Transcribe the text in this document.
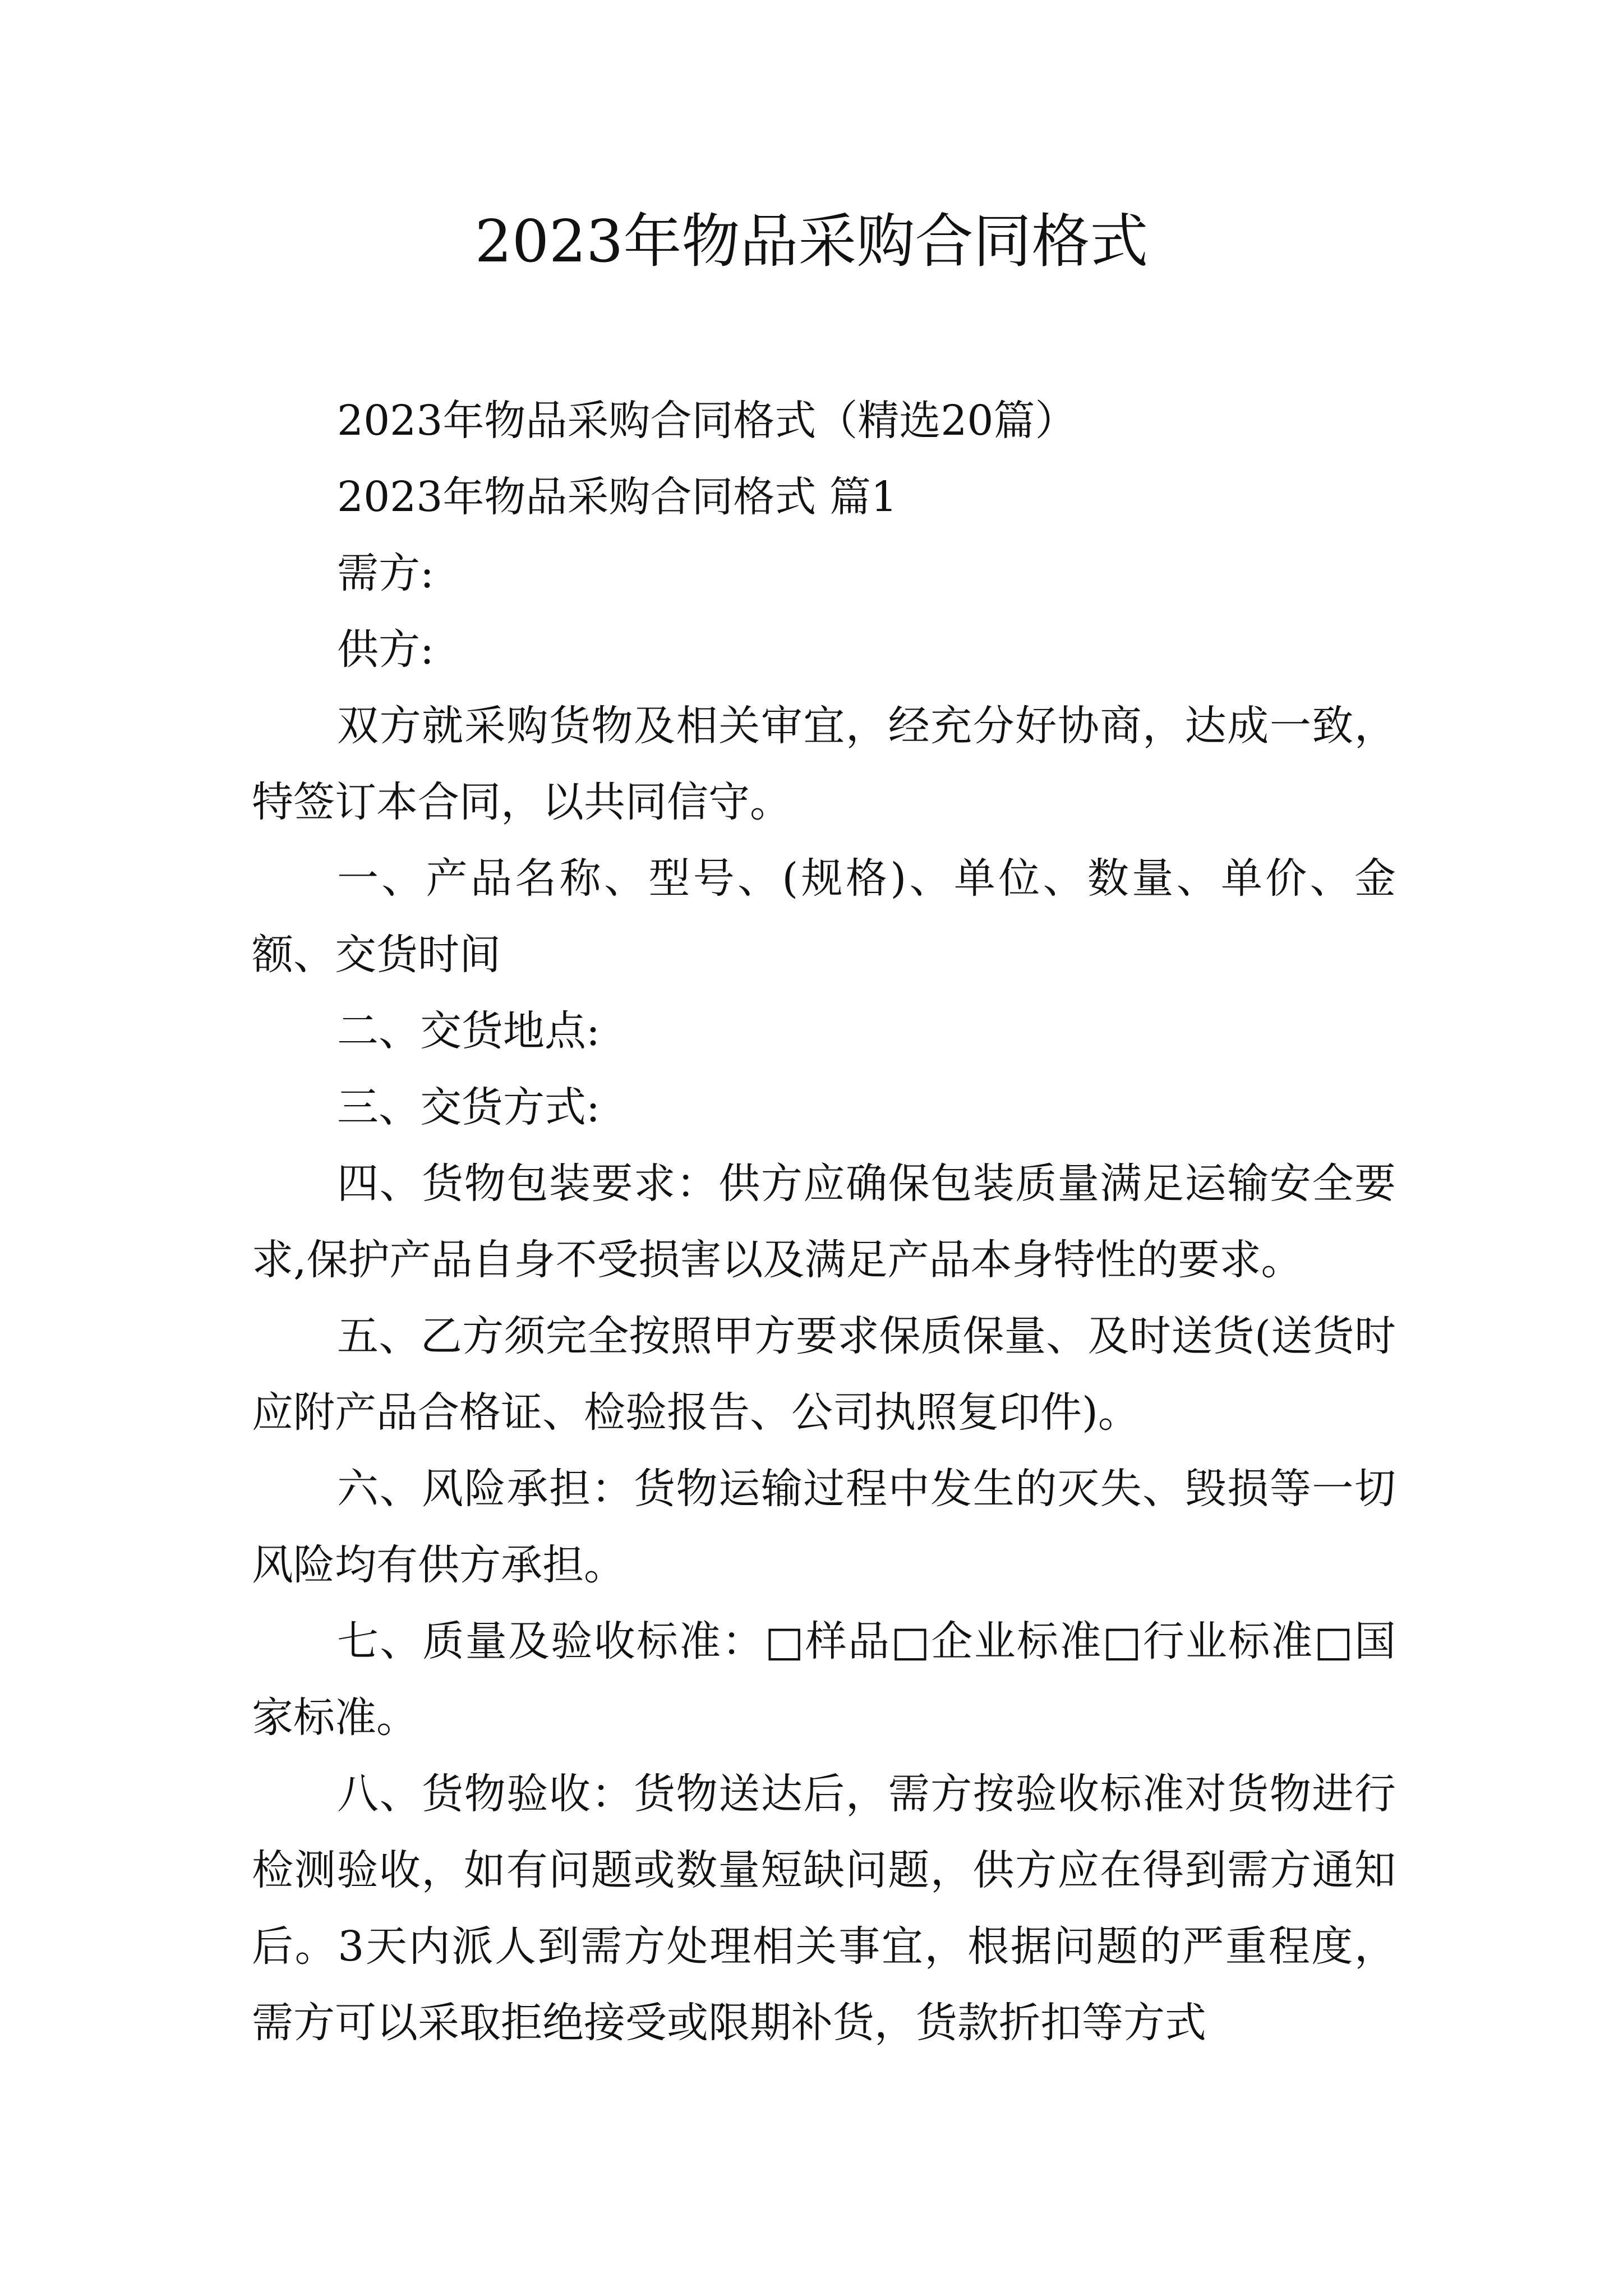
2023年物品采购合同格式

2023年物品采购合同格式（精选20篇）

2023年物品采购合同格式 篇1

需方:

供方:

双方就采购货物及相关审宜，经充分好协商，达成一致，特签订本合同，以共同信守。

一、产品名称、型号、(规格)、单位、数量、单价、金额、交货时间

二、交货地点:

三、交货方式:

四、货物包装要求：供方应确保包装质量满足运输安全要求,保护产品自身不受损害以及满足产品本身特性的要求。

五、乙方须完全按照甲方要求保质保量、及时送货(送货时应附产品合格证、检验报告、公司执照复印件)。

六、风险承担：货物运输过程中发生的灭失、毁损等一切风险均有供方承担。

七、质量及验收标准：□样品□企业标准□行业标准□国家标准。

八、货物验收：货物送达后，需方按验收标准对货物进行检测验收，如有问题或数量短缺问题，供方应在得到需方通知后。3天内派人到需方处理相关事宜，根据问题的严重程度，需方可以采取拒绝接受或限期补货，货款折扣等方式
